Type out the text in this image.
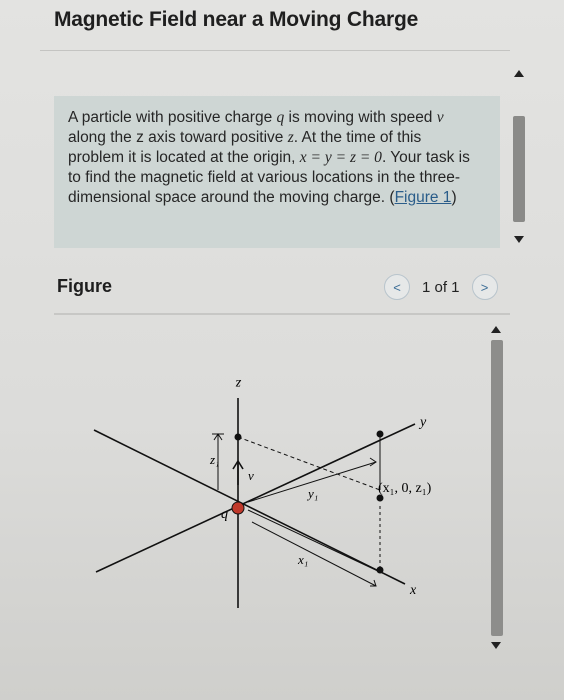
Magnetic Field near a Moving Charge
A particle with positive charge q is moving with speed v along the z axis toward positive z. At the time of this problem it is located at the origin, x = y = z = 0. Your task is to find the magnetic field at various locations in the three-dimensional space around the moving charge. (Figure 1)
Figure	< 1 of 1 >
z
y
x
q
v
z₁
y₁
x₁
(x₁, 0, z₁)
